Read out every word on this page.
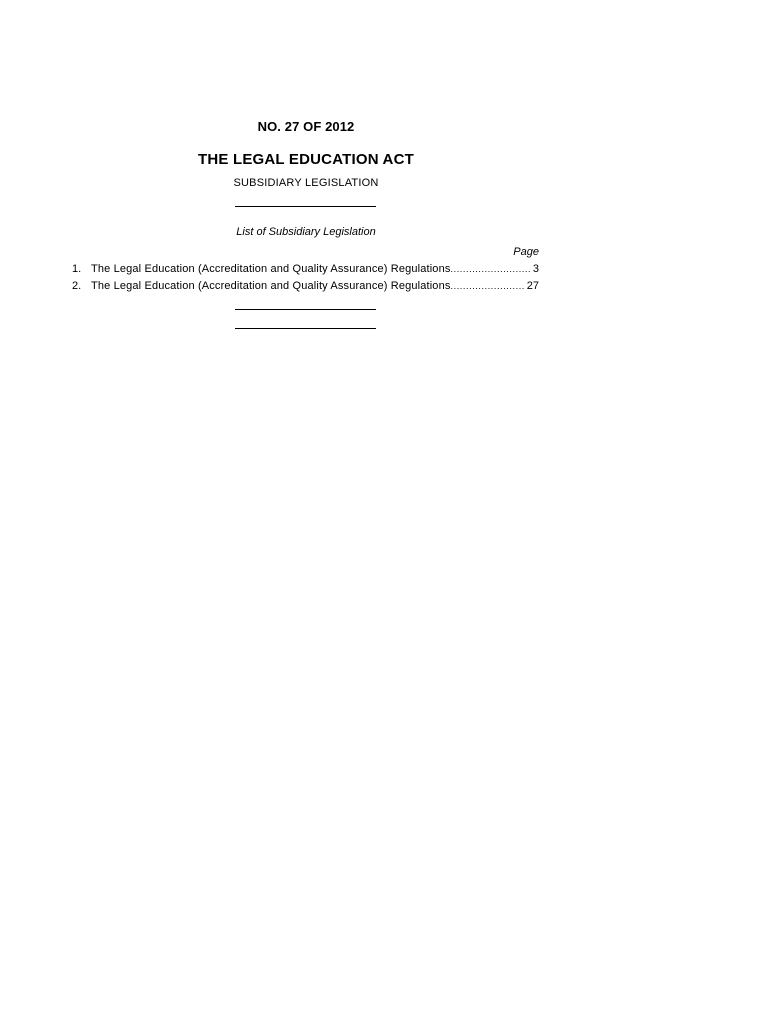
NO. 27 OF 2012
THE LEGAL EDUCATION ACT
SUBSIDIARY LEGISLATION
List of Subsidiary Legislation
Page
1. The Legal Education (Accreditation and Quality Assurance) Regulations .....	3
2. The Legal Education (Accreditation and Quality Assurance) Regulations .....	27
